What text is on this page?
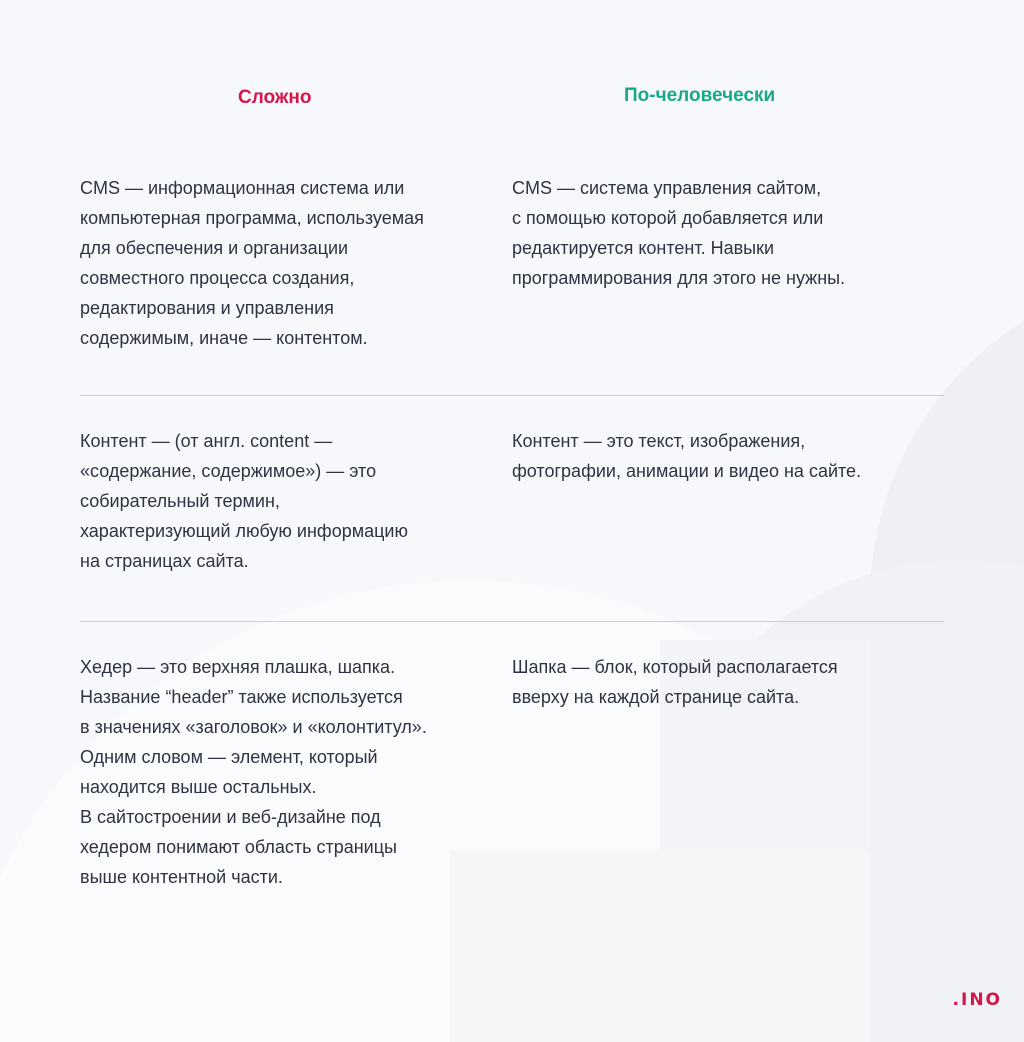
Сложно	По-человечески
CMS — информационная система или
компьютерная программа, используемая
для обеспечения и организации
совместного процесса создания,
редактирования и управления
содержимым, иначе — контентом.
CMS — система управления сайтом,
с помощью которой добавляется или
редактируется контент. Навыки
программирования для этого не нужны.
Контент — (от англ. content —
«содержание, содержимое») — это
собирательный термин,
характеризующий любую информацию
на страницах сайта.
Контент — это текст, изображения,
фотографии, анимации и видео на сайте.
Хедер — это верхняя плашка, шапка.
Название “header” также используется
в значениях «заголовок» и «колонтитул».
Одним словом — элемент, который
находится выше остальных.
В сайтостроении и веб-дизайне под
хедером понимают область страницы
выше контентной части.
Шапка — блок, который располагается
вверху на каждой странице сайта.
.INO
